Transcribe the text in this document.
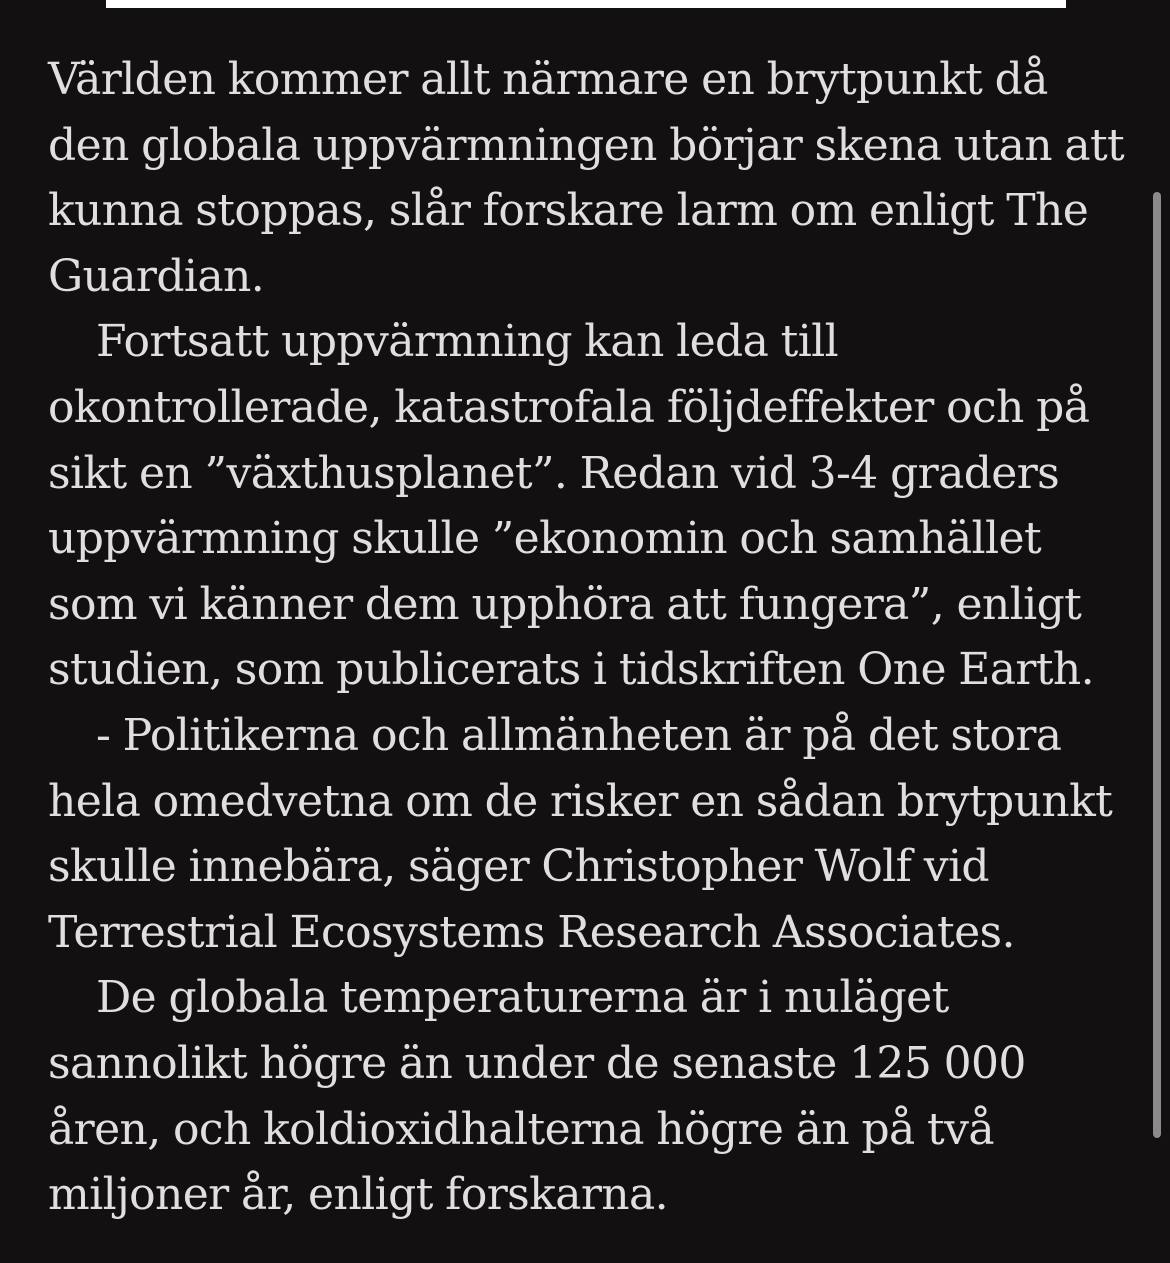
Världen kommer allt närmare en brytpunkt då den globala uppvärmningen börjar skena utan att kunna stoppas, slår forskare larm om enligt The Guardian.

Fortsatt uppvärmning kan leda till okontrollerade, katastrofala följdeffekter och på sikt en ”växthusplanet”. Redan vid 3-4 graders uppvärmning skulle ”ekonomin och samhället som vi känner dem upphöra att fungera”, enligt studien, som publicerats i tidskriften One Earth.

- Politikerna och allmänheten är på det stora hela omedvetna om de risker en sådan brytpunkt skulle innebära, säger Christopher Wolf vid Terrestrial Ecosystems Research Associates.

De globala temperaturerna är i nuläget sannolikt högre än under de senaste 125 000 åren, och koldioxidhalterna högre än på två miljoner år, enligt forskarna.
